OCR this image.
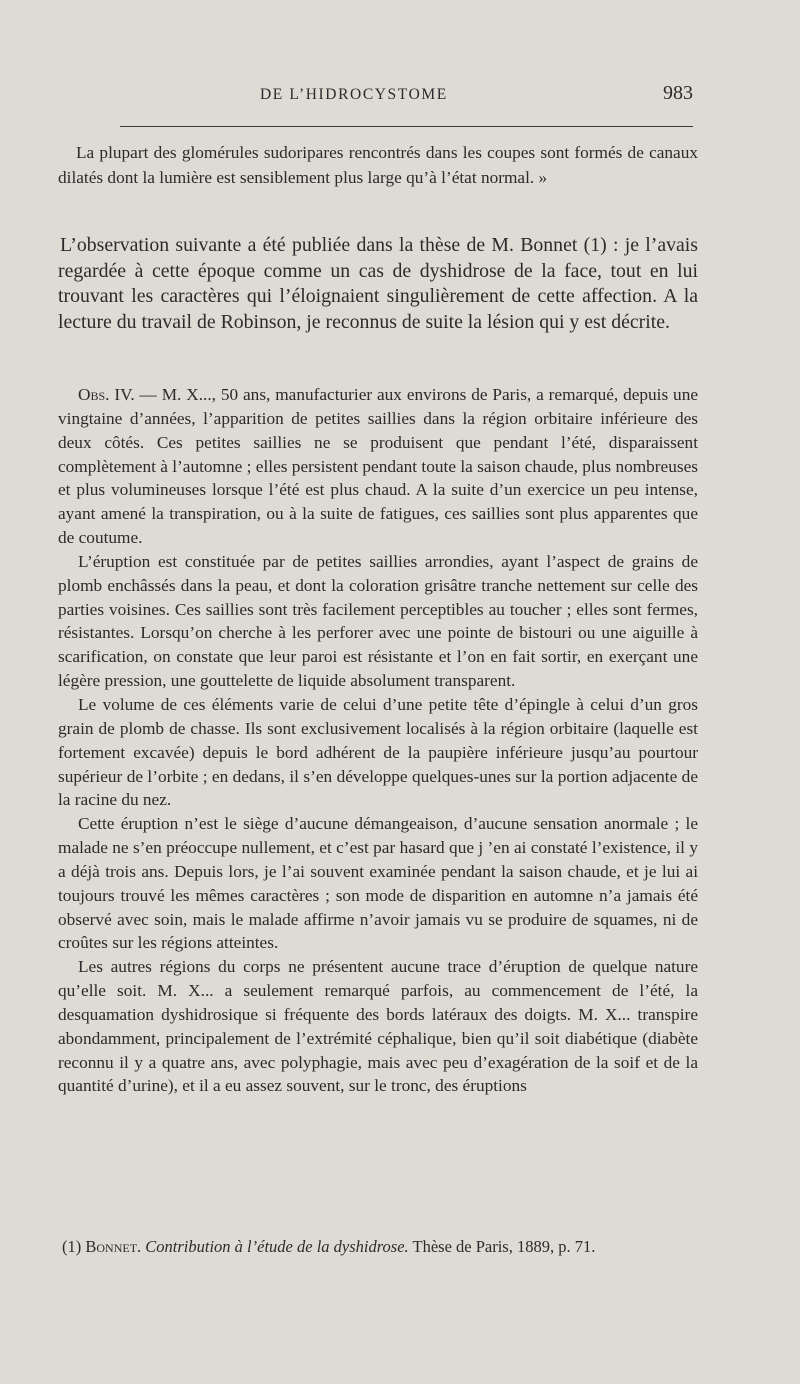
DE L’HIDROCYSTOME	983

La plupart des glomérules sudoripares rencontrés dans les coupes sont formés de canaux dilatés dont la lumière est sensiblement plus large qu’à l’état normal. »

L’observation suivante a été publiée dans la thèse de M. Bonnet (1) : je l’avais regardée à cette époque comme un cas de dyshidrose de la face, tout en lui trouvant les caractères qui l’éloignaient singulièrement de cette affection. A la lecture du travail de Robinson, je reconnus de suite la lésion qui y est décrite.

Obs. IV. — M. X..., 50 ans, manufacturier aux environs de Paris, a remarqué, depuis une vingtaine d’années, l’apparition de petites saillies dans la région orbitaire inférieure des deux côtés. Ces petites saillies ne se produisent que pendant l’été, disparaissent complètement à l’automne ; elles persistent pendant toute la saison chaude, plus nombreuses et plus volumineuses lorsque l’été est plus chaud. A la suite d’un exercice un peu intense, ayant amené la transpiration, ou à la suite de fatigues, ces saillies sont plus apparentes que de coutume.

L’éruption est constituée par de petites saillies arrondies, ayant l’aspect de grains de plomb enchâssés dans la peau, et dont la coloration grisâtre tranche nettement sur celle des parties voisines. Ces saillies sont très facilement perceptibles au toucher ; elles sont fermes, résistantes. Lorsqu’on cherche à les perforer avec une pointe de bistouri ou une aiguille à scarification, on constate que leur paroi est résistante et l’on en fait sortir, en exerçant une légère pression, une gouttelette de liquide absolument transparent.

Le volume de ces éléments varie de celui d’une petite tête d’épingle à celui d’un gros grain de plomb de chasse. Ils sont exclusivement localisés à la région orbitaire (laquelle est fortement excavée) depuis le bord adhérent de la paupière inférieure jusqu’au pourtour supérieur de l’orbite ; en dedans, il s’en développe quelques-unes sur la portion adjacente de la racine du nez.

Cette éruption n’est le siège d’aucune démangeaison, d’aucune sensation anormale ; le malade ne s’en préoccupe nullement, et c’est par hasard que j ’en ai constaté l’existence, il y a déjà trois ans. Depuis lors, je l’ai souvent examinée pendant la saison chaude, et je lui ai toujours trouvé les mêmes caractères ; son mode de disparition en automne n’a jamais été observé avec soin, mais le malade affirme n’avoir jamais vu se produire de squames, ni de croûtes sur les régions atteintes.

Les autres régions du corps ne présentent aucune trace d’éruption de quelque nature qu’elle soit. M. X... a seulement remarqué parfois, au commencement de l’été, la desquamation dyshidrosique si fréquente des bords latéraux des doigts. M. X... transpire abondamment, principalement de l’extrémité céphalique, bien qu’il soit diabétique (diabète reconnu il y a quatre ans, avec polyphagie, mais avec peu d’exagération de la soif et de la quantité d’urine), et il a eu assez souvent, sur le tronc, des éruptions

(1) Bonnet. Contribution à l’étude de la dyshidrose. Thèse de Paris, 1889, p. 71.
